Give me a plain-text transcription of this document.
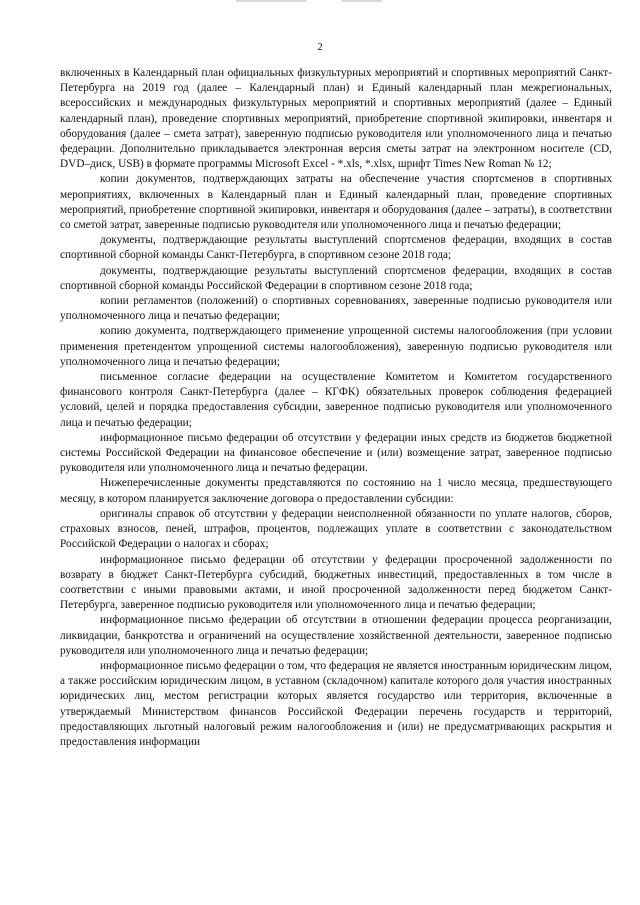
2

включенных в Календарный план официальных физкультурных мероприятий и спортивных мероприятий Санкт-Петербурга на 2019 год (далее – Календарный план) и Единый календарный план межрегиональных, всероссийских и международных физкультурных мероприятий и спортивных мероприятий (далее – Единый календарный план), проведение спортивных мероприятий, приобретение спортивной экипировки, инвентаря и оборудования (далее – смета затрат), заверенную подписью руководителя или уполномоченного лица и печатью федерации. Дополнительно прикладывается электронная версия сметы затрат на электронном носителе (CD, DVD–диск, USB) в формате программы Microsoft Excel - *.xls, *.xlsx, шрифт Times New Roman № 12;

копии документов, подтверждающих затраты на обеспечение участия спортсменов в спортивных мероприятиях, включенных в Календарный план и Единый календарный план, проведение спортивных мероприятий, приобретение спортивной экипировки, инвентаря и оборудования (далее – затраты), в соответствии со сметой затрат, заверенные подписью руководителя или уполномоченного лица и печатью федерации;

документы, подтверждающие результаты выступлений спортсменов федерации, входящих в состав спортивной сборной команды Санкт-Петербурга, в спортивном сезоне 2018 года;

документы, подтверждающие результаты выступлений спортсменов федерации, входящих в состав спортивной сборной команды Российской Федерации в спортивном сезоне 2018 года;

копии регламентов (положений) о спортивных соревнованиях, заверенные подписью руководителя или уполномоченного лица и печатью федерации;

копию документа, подтверждающего применение упрощенной системы налогообложения (при условии применения претендентом упрощенной системы налогообложения), заверенную подписью руководителя или уполномоченного лица и печатью федерации;

письменное согласие федерации на осуществление Комитетом и Комитетом государственного финансового контроля Санкт-Петербурга (далее – КГФК) обязательных проверок соблюдения федерацией условий, целей и порядка предоставления субсидии, заверенное подписью руководителя или уполномоченного лица и печатью федерации;

информационное письмо федерации об отсутствии у федерации иных средств из бюджетов бюджетной системы Российской Федерации на финансовое обеспечение и (или) возмещение затрат, заверенное подписью руководителя или уполномоченного лица и печатью федерации.

Нижеперечисленные документы представляются по состоянию на 1 число месяца, предшествующего месяцу, в котором планируется заключение договора о предоставлении субсидии:

оригиналы справок об отсутствии у федерации неисполненной обязанности по уплате налогов, сборов, страховых взносов, пеней, штрафов, процентов, подлежащих уплате в соответствии с законодательством Российской Федерации о налогах и сборах;

информационное письмо федерации об отсутствии у федерации просроченной задолженности по возврату в бюджет Санкт-Петербурга субсидий, бюджетных инвестиций, предоставленных в том числе в соответствии с иными правовыми актами, и иной просроченной задолженности перед бюджетом Санкт-Петербурга, заверенное подписью руководителя или уполномоченного лица и печатью федерации;

информационное письмо федерации об отсутствии в отношении федерации процесса реорганизации, ликвидации, банкротства и ограничений на осуществление хозяйственной деятельности, заверенное подписью руководителя или уполномоченного лица и печатью федерации;

информационное письмо федерации о том, что федерация не является иностранным юридическим лицом, а также российским юридическим лицом, в уставном (складочном) капитале которого доля участия иностранных юридических лиц, местом регистрации которых является государство или территория, включенные в утверждаемый Министерством финансов Российской Федерации перечень государств и территорий, предоставляющих льготный налоговый режим налогообложения и (или) не предусматривающих раскрытия и предоставления информации
